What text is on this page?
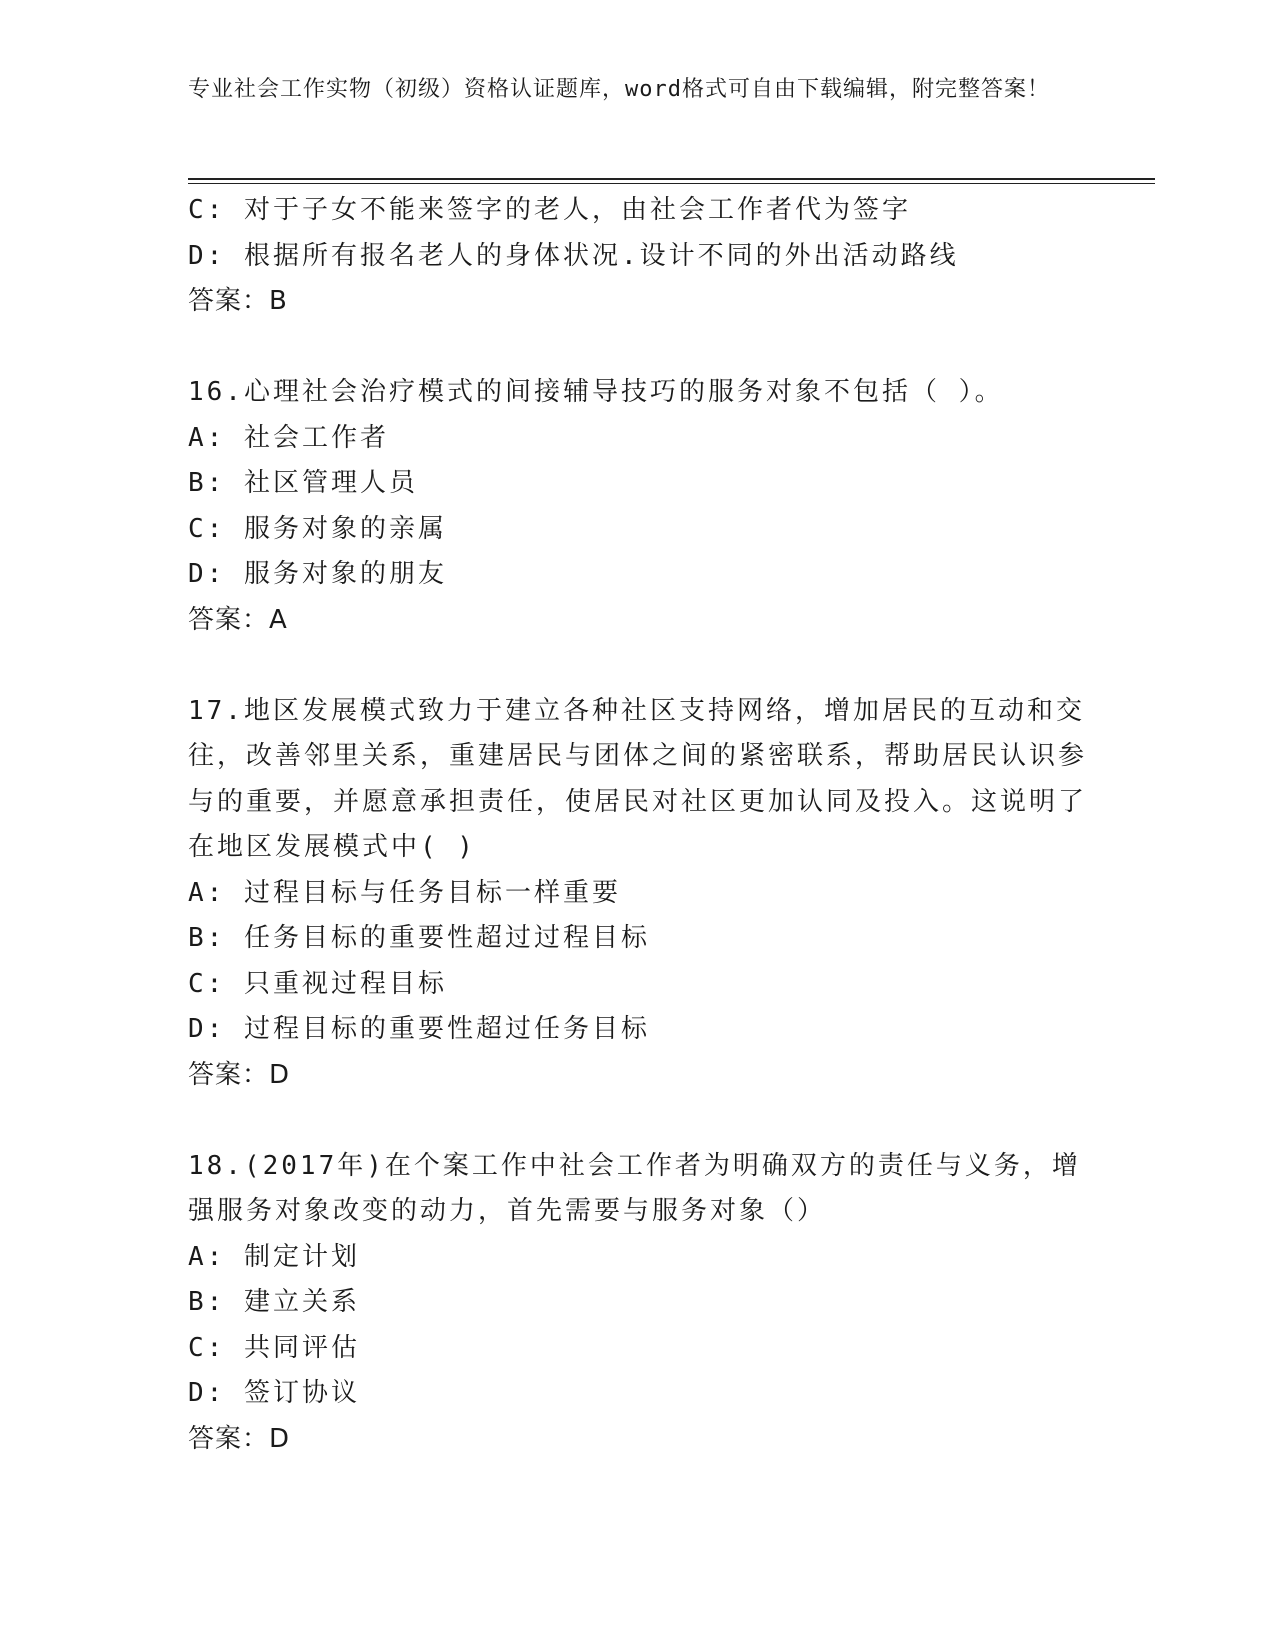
专业社会工作实物（初级）资格认证题库，word格式可自由下载编辑，附完整答案！
C: 对于子女不能来签字的老人，由社会工作者代为签字
D: 根据所有报名老人的身体状况.设计不同的外出活动路线
答案：B
16.心理社会治疗模式的间接辅导技巧的服务对象不包括（ ）。
A: 社会工作者
B: 社区管理人员
C: 服务对象的亲属
D: 服务对象的朋友
答案：A
17.地区发展模式致力于建立各种社区支持网络，增加居民的互动和交往，改善邻里关系，重建居民与团体之间的紧密联系，帮助居民认识参与的重要，并愿意承担责任，使居民对社区更加认同及投入。这说明了在地区发展模式中( )
A: 过程目标与任务目标一样重要
B: 任务目标的重要性超过过程目标
C: 只重视过程目标
D: 过程目标的重要性超过任务目标
答案：D
18.(2017年)在个案工作中社会工作者为明确双方的责任与义务，增强服务对象改变的动力，首先需要与服务对象（）
A: 制定计划
B: 建立关系
C: 共同评估
D: 签订协议
答案：D
